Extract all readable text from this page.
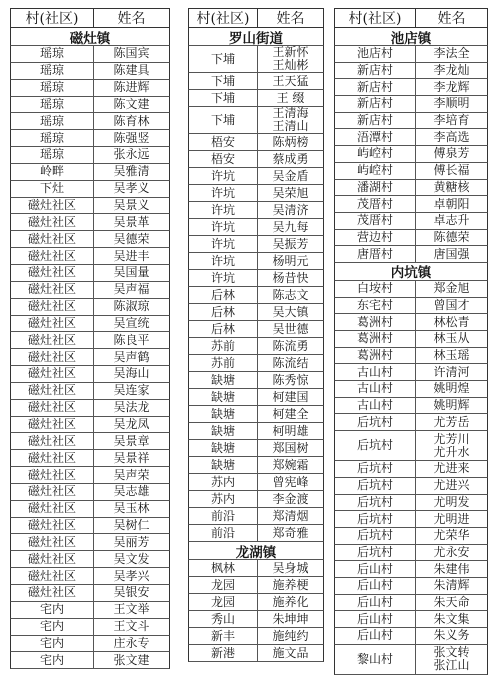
村(社区)	姓名
磁灶镇
瑶琼	陈国宾
瑶琼	陈建具
瑶琼	陈进辉
瑶琼	陈文建
瑶琼	陈育林
瑶琼	陈强竖
瑶琼	张永远
岭畔	吴雅清
下灶	吴孝义
磁灶社区	吴景义
磁灶社区	吴景革
磁灶社区	吴德荣
磁灶社区	吴进丰
磁灶社区	吴国量
磁灶社区	吴声福
磁灶社区	陈淑琼
磁灶社区	吴宣统
磁灶社区	陈良平
磁灶社区	吴声鹤
磁灶社区	吴海山
磁灶社区	吴连家
磁灶社区	吴法龙
磁灶社区	吴龙凤
磁灶社区	吴景章
磁灶社区	吴景祥
磁灶社区	吴声荣
磁灶社区	吴志雄
磁灶社区	吴玉林
磁灶社区	吴树仁
磁灶社区	吴丽芳
磁灶社区	吴文发
磁灶社区	吴孝兴
磁灶社区	吴银安
宅内	王文举
宅内	王文斗
宅内	庄永专
宅内	张文建
村(社区)	姓名
罗山街道
下埔	王新怀
王灿彬
下埔	王天猛
下埔	王 缀
下埔	王清海
王清山
梧安	陈炳榜
梧安	蔡成勇
许坑	吴金盾
许坑	吴荣旭
许坑	吴清济
许坑	吴九每
许坑	吴振芳
许坑	杨明元
许坑	杨昔快
后林	陈志文
后林	吴大镇
后林	吴世德
苏前	陈流勇
苏前	陈流结
缺塘	陈秀惊
缺塘	柯建国
缺塘	柯建全
缺塘	柯明雄
缺塘	郑国树
缺塘	郑婉霜
苏内	曾宪峰
苏内	李金渡
前沿	郑清烟
前沿	郑奇雅
龙湖镇
枫林	吴身城
龙园	施养梗
龙园	施养化
秀山	朱坤坤
新丰	施纯约
新港	施文品
村(社区)	姓名
池店镇
池店村	李法全
新店村	李龙灿
新店村	李龙辉
新店村	李顺明
新店村	李培育
浯潭村	李高选
屿崆村	傅泉芳
屿崆村	傅长福
潘湖村	黄糖核
茂厝村	卓朝阳
茂厝村	卓志升
营边村	陈德荣
唐厝村	唐国强
内坑镇
白垵村	郑金旭
东宅村	曾国才
葛洲村	林松青
葛洲村	林玉从
葛洲村	林玉瑶
古山村	许清河
古山村	姚明煌
古山村	姚明辉
后坑村	尤芳岳
后坑村	尤芳川
尤升水
后坑村	尤进来
后坑村	尤进兴
后坑村	尤明发
后坑村	尤明进
后坑村	尤荣华
后坑村	尤永安
后山村	朱建伟
后山村	朱清辉
后山村	朱天命
后山村	朱文集
后山村	朱义务
黎山村	张文转
张江山
